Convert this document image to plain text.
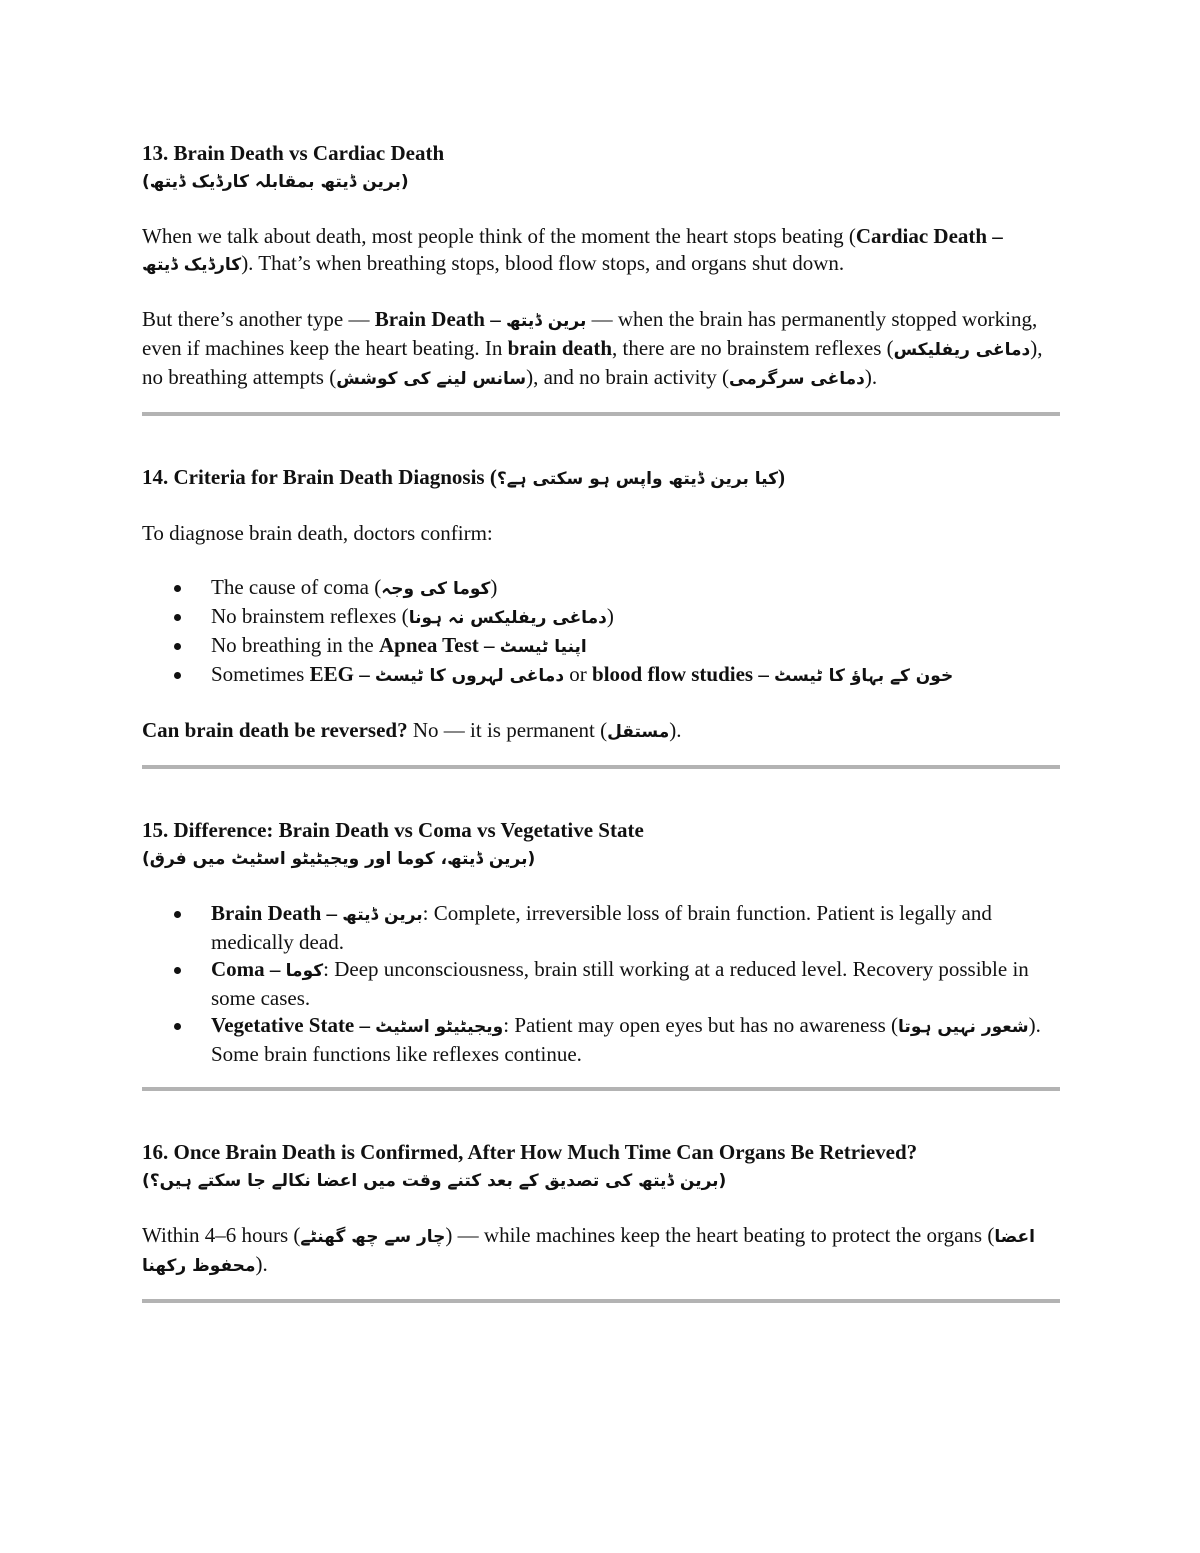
13. Brain Death vs Cardiac Death

(برین ڈیتھ بمقابلہ کارڈیک ڈیتھ)

When we talk about death, most people think of the moment the heart stops beating (Cardiac Death – کارڈیک ڈیتھ). That’s when breathing stops, blood flow stops, and organs shut down.

But there’s another type — Brain Death – برین ڈیتھ — when the brain has permanently stopped working, even if machines keep the heart beating. In brain death, there are no brainstem reflexes (دماغی ریفلیکس), no breathing attempts (سانس لینے کی کوشش), and no brain activity (دماغی سرگرمی).

14. Criteria for Brain Death Diagnosis (کیا برین ڈیتھ واپس ہو سکتی ہے؟)

To diagnose brain death, doctors confirm:

The cause of coma (کوما کی وجہ)
No brainstem reflexes (دماغی ریفلیکس نہ ہونا)
No breathing in the Apnea Test – اپنیا ٹیسٹ
Sometimes EEG – دماغی لہروں کا ٹیسٹ or blood flow studies – خون کے بہاؤ کا ٹیسٹ

Can brain death be reversed? No — it is permanent (مستقل).

15. Difference: Brain Death vs Coma vs Vegetative State

(برین ڈیتھ، کوما اور ویجیٹیٹو اسٹیٹ میں فرق)

Brain Death – برین ڈیتھ: Complete, irreversible loss of brain function. Patient is legally and medically dead.
Coma – کوما: Deep unconsciousness, brain still working at a reduced level. Recovery possible in some cases.
Vegetative State – ویجیٹیٹو اسٹیٹ: Patient may open eyes but has no awareness (شعور نہیں ہوتا). Some brain functions like reflexes continue.

16. Once Brain Death is Confirmed, After How Much Time Can Organs Be Retrieved?

(برین ڈیتھ کی تصدیق کے بعد کتنے وقت میں اعضا نکالے جا سکتے ہیں؟)

Within 4–6 hours (چار سے چھ گھنٹے) — while machines keep the heart beating to protect the organs (اعضا محفوظ رکھنا).
